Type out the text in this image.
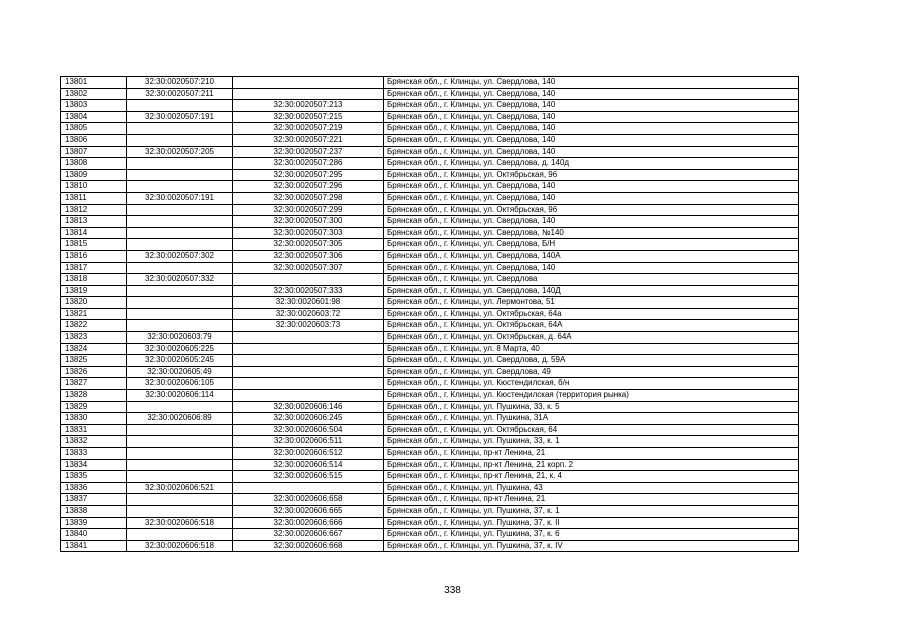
13801	32:30:0020507:210		Брянская обл., г. Клинцы, ул. Свердлова, 140
13802	32:30:0020507:211		Брянская обл., г. Клинцы, ул. Свердлова, 140
13803		32:30:0020507:213	Брянская обл., г. Клинцы, ул. Свердлова, 140
13804	32:30:0020507:191	32:30:0020507:215	Брянская обл., г. Клинцы, ул. Свердлова, 140
13805		32:30:0020507:219	Брянская обл., г. Клинцы, ул. Свердлова, 140
13806		32:30:0020507:221	Брянская обл., г. Клинцы, ул. Свердлова, 140
13807	32:30:0020507:205	32:30:0020507:237	Брянская обл., г. Клинцы, ул. Свердлова, 140
13808		32:30:0020507:286	Брянская обл., г. Клинцы, ул. Свердлова, д. 140д
13809		32:30:0020507:295	Брянская обл., г. Клинцы, ул. Октябрьская, 96
13810		32:30:0020507:296	Брянская обл., г. Клинцы, ул. Свердлова, 140
13811	32:30:0020507:191	32:30:0020507:298	Брянская обл., г. Клинцы, ул. Свердлова, 140
13812		32:30:0020507:299	Брянская обл., г. Клинцы, ул. Октябрьская, 96
13813		32:30:0020507:300	Брянская обл., г. Клинцы, ул. Свердлова, 140
13814		32:30:0020507:303	Брянская обл., г. Клинцы, ул. Свердлова, №140
13815		32:30:0020507:305	Брянская обл., г. Клинцы, ул. Свердлова, Б/Н
13816	32:30:0020507:302	32:30:0020507:306	Брянская обл., г. Клинцы, ул. Свердлова, 140А
13817		32:30:0020507:307	Брянская обл., г. Клинцы, ул. Свердлова, 140
13818	32:30:0020507:332		Брянская обл., г. Клинцы, ул. Свердлова
13819		32:30:0020507:333	Брянская обл., г. Клинцы, ул. Свердлова, 140Д
13820		32:30:0020601:98	Брянская обл., г. Клинцы, ул. Лермонтова, 51
13821		32:30:0020603:72	Брянская обл., г. Клинцы, ул. Октябрьская, 64а
13822		32:30:0020603:73	Брянская обл., г. Клинцы, ул. Октябрьская, 64А
13823	32:30:0020603:79		Брянская обл., г. Клинцы, ул. Октябрьская, д. 64А
13824	32:30:0020605:225		Брянская обл., г. Клинцы, ул. 8 Марта, 40
13825	32:30:0020605:245		Брянская обл., г. Клинцы, ул. Свердлова, д. 59А
13826	32:30:0020605:49		Брянская обл., г. Клинцы, ул. Свердлова, 49
13827	32:30:0020606:105		Брянская обл., г. Клинцы, ул. Кюстендилская, б/н
13828	32:30:0020606:114		Брянская обл., г. Клинцы, ул. Кюстендилская (территория рынка)
13829		32:30:0020606:146	Брянская обл., г. Клинцы, ул. Пушкина, 33, к. 5
13830	32:30:0020606:89	32:30:0020606:245	Брянская обл., г. Клинцы, ул. Пушкина, 31А
13831		32:30:0020606:504	Брянская обл., г. Клинцы, ул. Октябрьская, 64
13832		32:30:0020606:511	Брянская обл., г. Клинцы, ул. Пушкина, 33, к. 1
13833		32:30:0020606:512	Брянская обл., г. Клинцы, пр-кт Ленина, 21
13834		32:30:0020606:514	Брянская обл., г. Клинцы, пр-кт Ленина, 21 корп. 2
13835		32:30:0020606:515	Брянская обл., г. Клинцы, пр-кт Ленина, 21, к. 4
13836	32:30:0020606:521		Брянская обл., г. Клинцы, ул. Пушкина, 43
13837		32:30:0020606:658	Брянская обл., г. Клинцы, пр-кт Ленина, 21
13838		32:30:0020606:665	Брянская обл., г. Клинцы, ул. Пушкина, 37, к. 1
13839	32:30:0020606:518	32:30:0020606:666	Брянская обл., г. Клинцы, ул. Пушкина, 37, к. II
13840		32:30:0020606:667	Брянская обл., г. Клинцы, ул. Пушкина, 37, к. 6
13841	32:30:0020606:518	32:30:0020606:668	Брянская обл., г. Клинцы, ул. Пушкина, 37, к. IV
338
